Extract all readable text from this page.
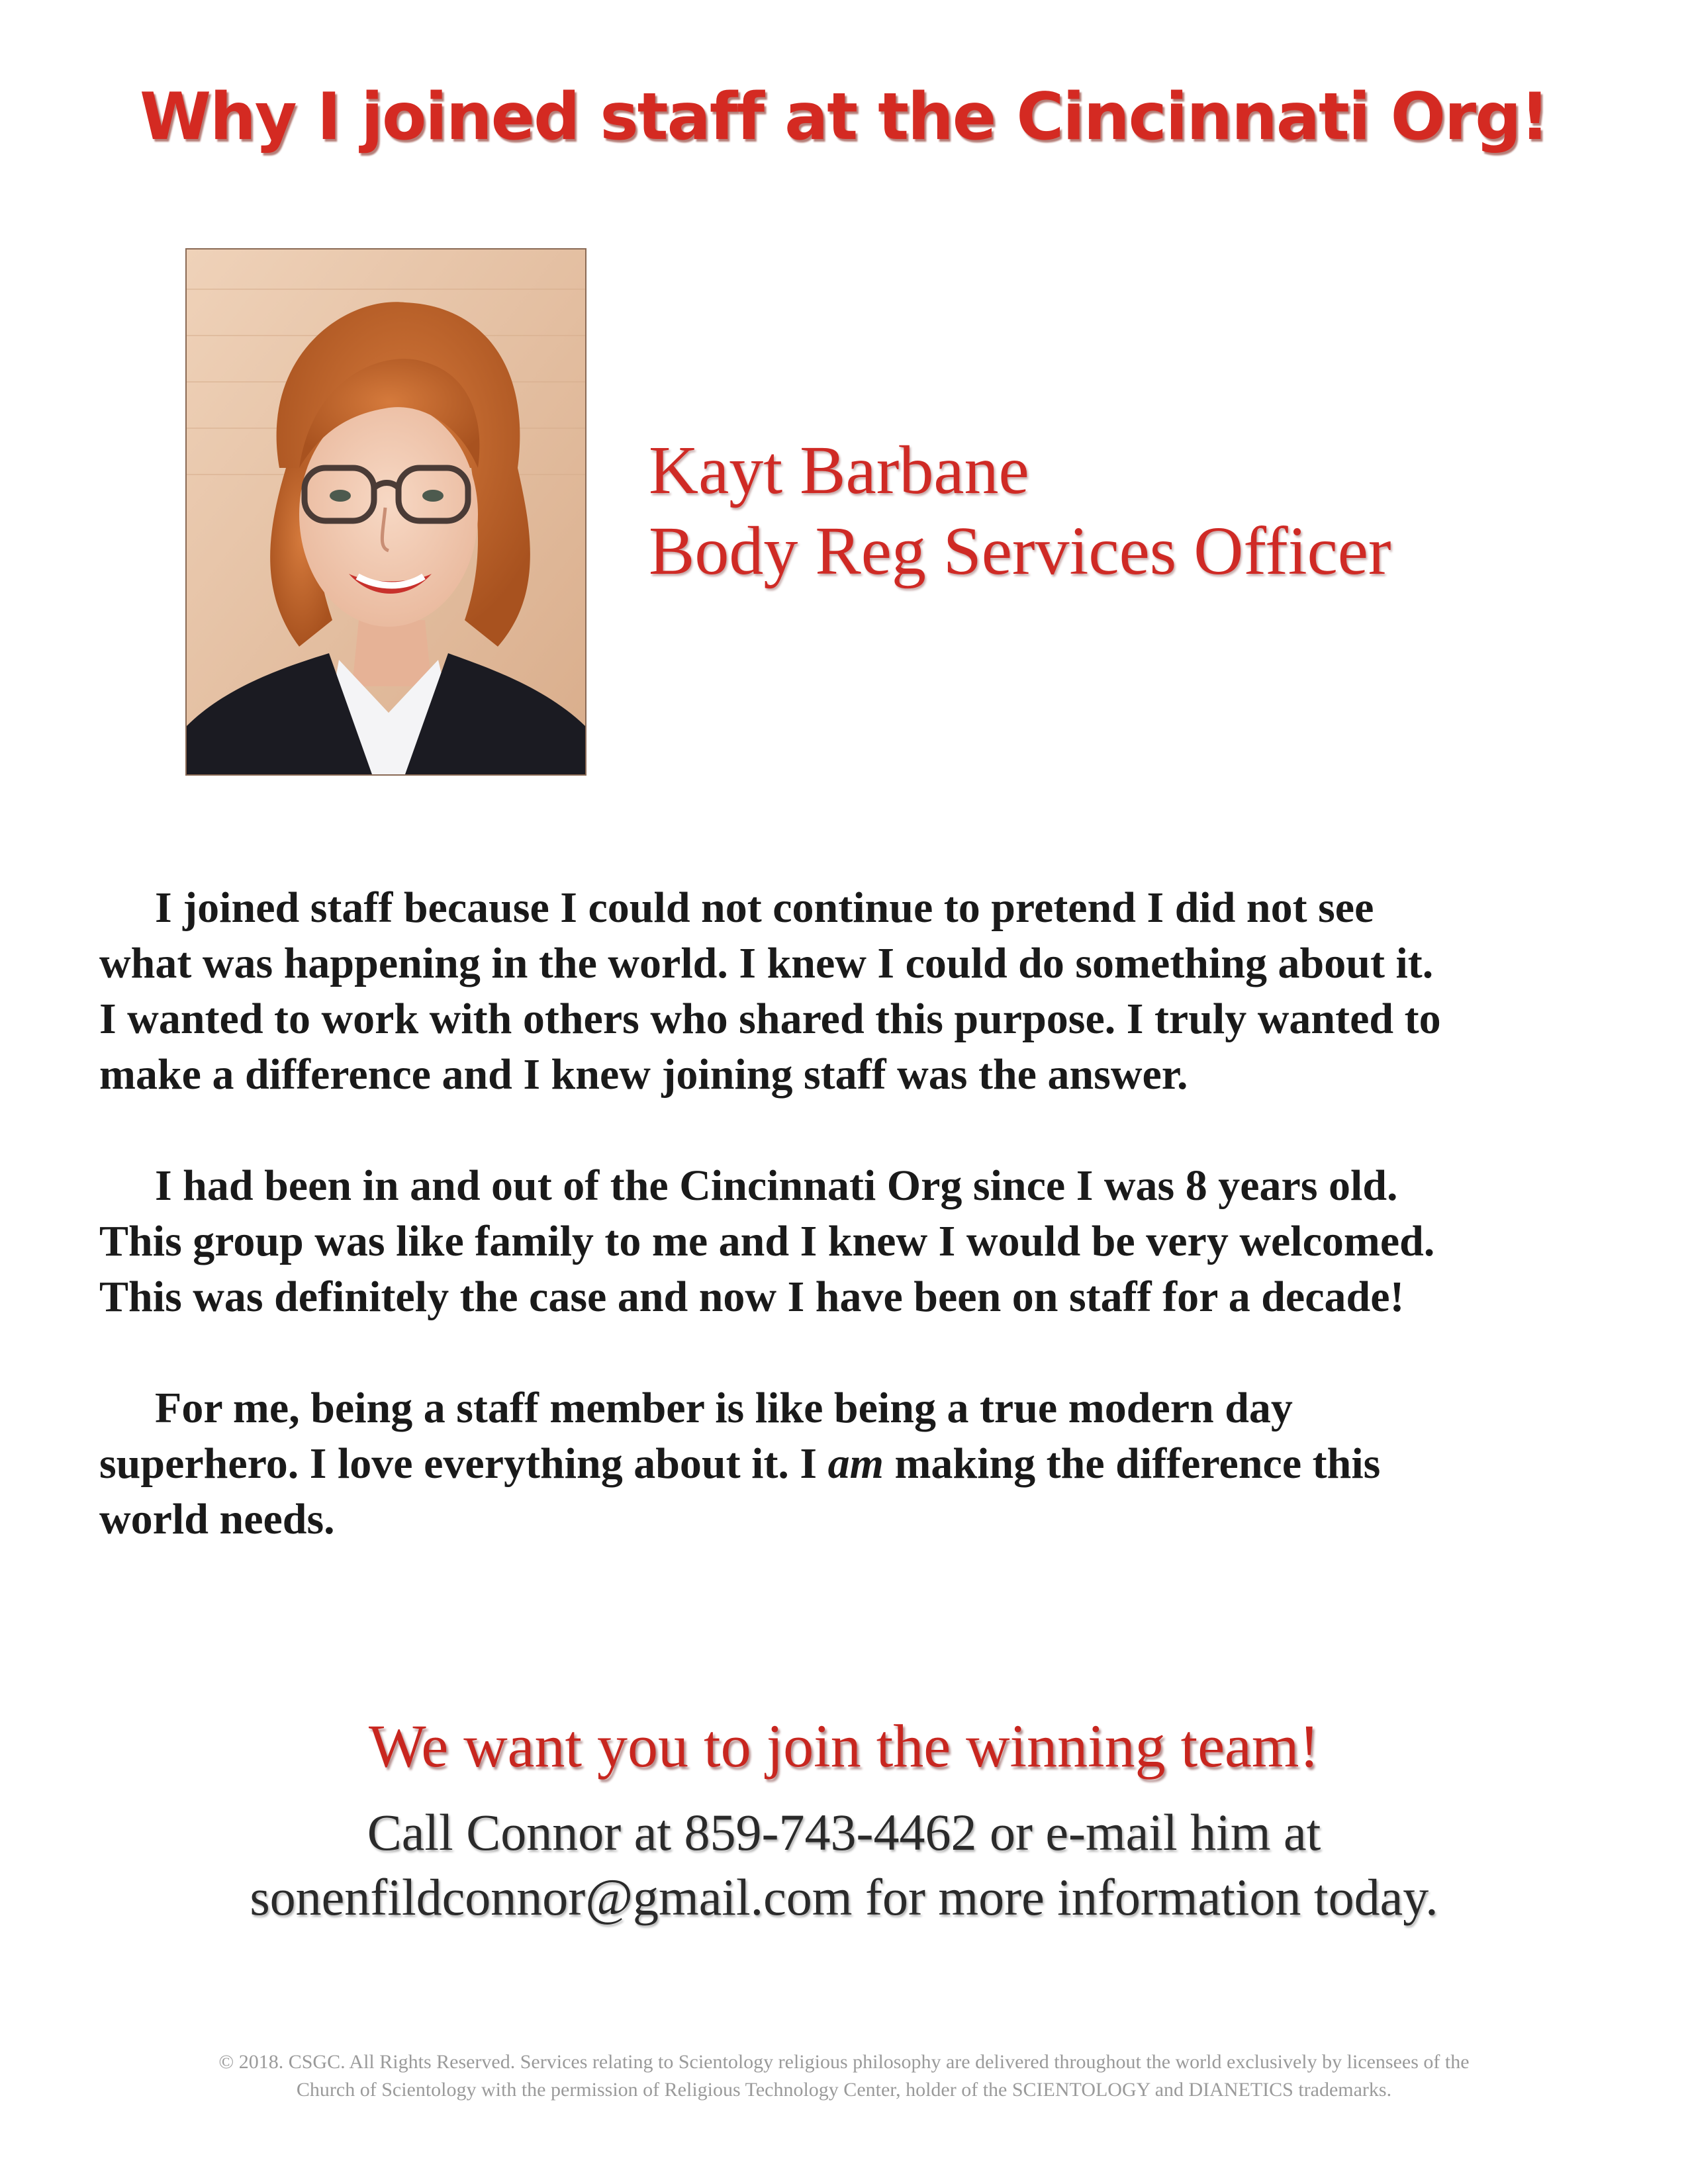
Why I joined staff at the Cincinnati Org!
Kayt Barbane
Body Reg Services Officer
I joined staff because I could not continue to pretend I did not see
what was happening in the world. I knew I could do something about it.
I wanted to work with others who shared this purpose. I truly wanted to
make a difference and I knew joining staff was the answer.
I had been in and out of the Cincinnati Org since I was 8 years old.
This group was like family to me and I knew I would be very welcomed.
This was definitely the case and now I have been on staff for a decade!
For me, being a staff member is like being a true modern day
superhero. I love everything about it. I am making the difference this
world needs.
We want you to join the winning team!
Call Connor at 859-743-4462 or e-mail him at
sonenfildconnor@gmail.com for more information today.
© 2018. CSGC. All Rights Reserved. Services relating to Scientology religious philosophy are delivered throughout the world exclusively by licensees of the
Church of Scientology with the permission of Religious Technology Center, holder of the SCIENTOLOGY and DIANETICS trademarks.
